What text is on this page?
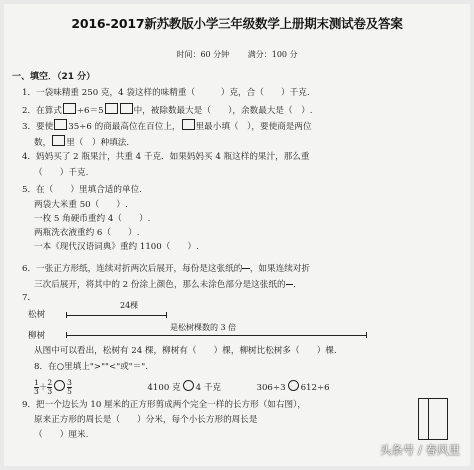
2016-2017新苏教版小学三年级数学上册期末测试卷及答案
时间：60 分钟 满分：100 分
一、填空．（21 分）
1．一袋味精重 250 克，4 袋这样的味精重（　　　	）克，合（　　 ）千克.
2．在算式 ÷6＝5	中，被除数最大是（　　 ），余数最大是（　 ）.
3．要使 35÷6 的商最高位在百位上， 里最小填（　 ），要使商是两位
数， 里（　 ）种填法.
4．妈妈买了 2 瓶果汁，共重 4 千克．如果妈妈买 4 瓶这样的果汁，那么重
（　　）千克.
5．在（　　）里填合适的单位.
两袋大米重 50（　　）.
一枚 5 角硬币重约 4（　　）.
两瓶洗衣液重约 6（　　）.
一本《现代汉语词典》重约 1100（　　）.
6．一张正方形纸，连续对折两次后展开，每份是这张纸的

　 ，如果连续对折
三次后展开，将其中的 2 份涂上颜色，那么未涂色部分是这张纸的

　 ．
7．
24棵
松树
柳树
是松树棵数的 3 倍
从图中可以看出，松树有 24 棵，柳树有（　　）棵，柳树比松树多（　　）棵.
8．在○里填上">""<"或"＝".
$\frac{1}{3} + \frac{2}{3} \frac{3}{5}$	4100 克 4 千克	306÷3 612÷6
9．把一个边长为 10 厘米的正方形剪成两个完全一样的长方形（如右图），
原来正方形的周长是（　　）分米，每个小长方形的周长是
（　　）厘米.
头条号 / 春风里
